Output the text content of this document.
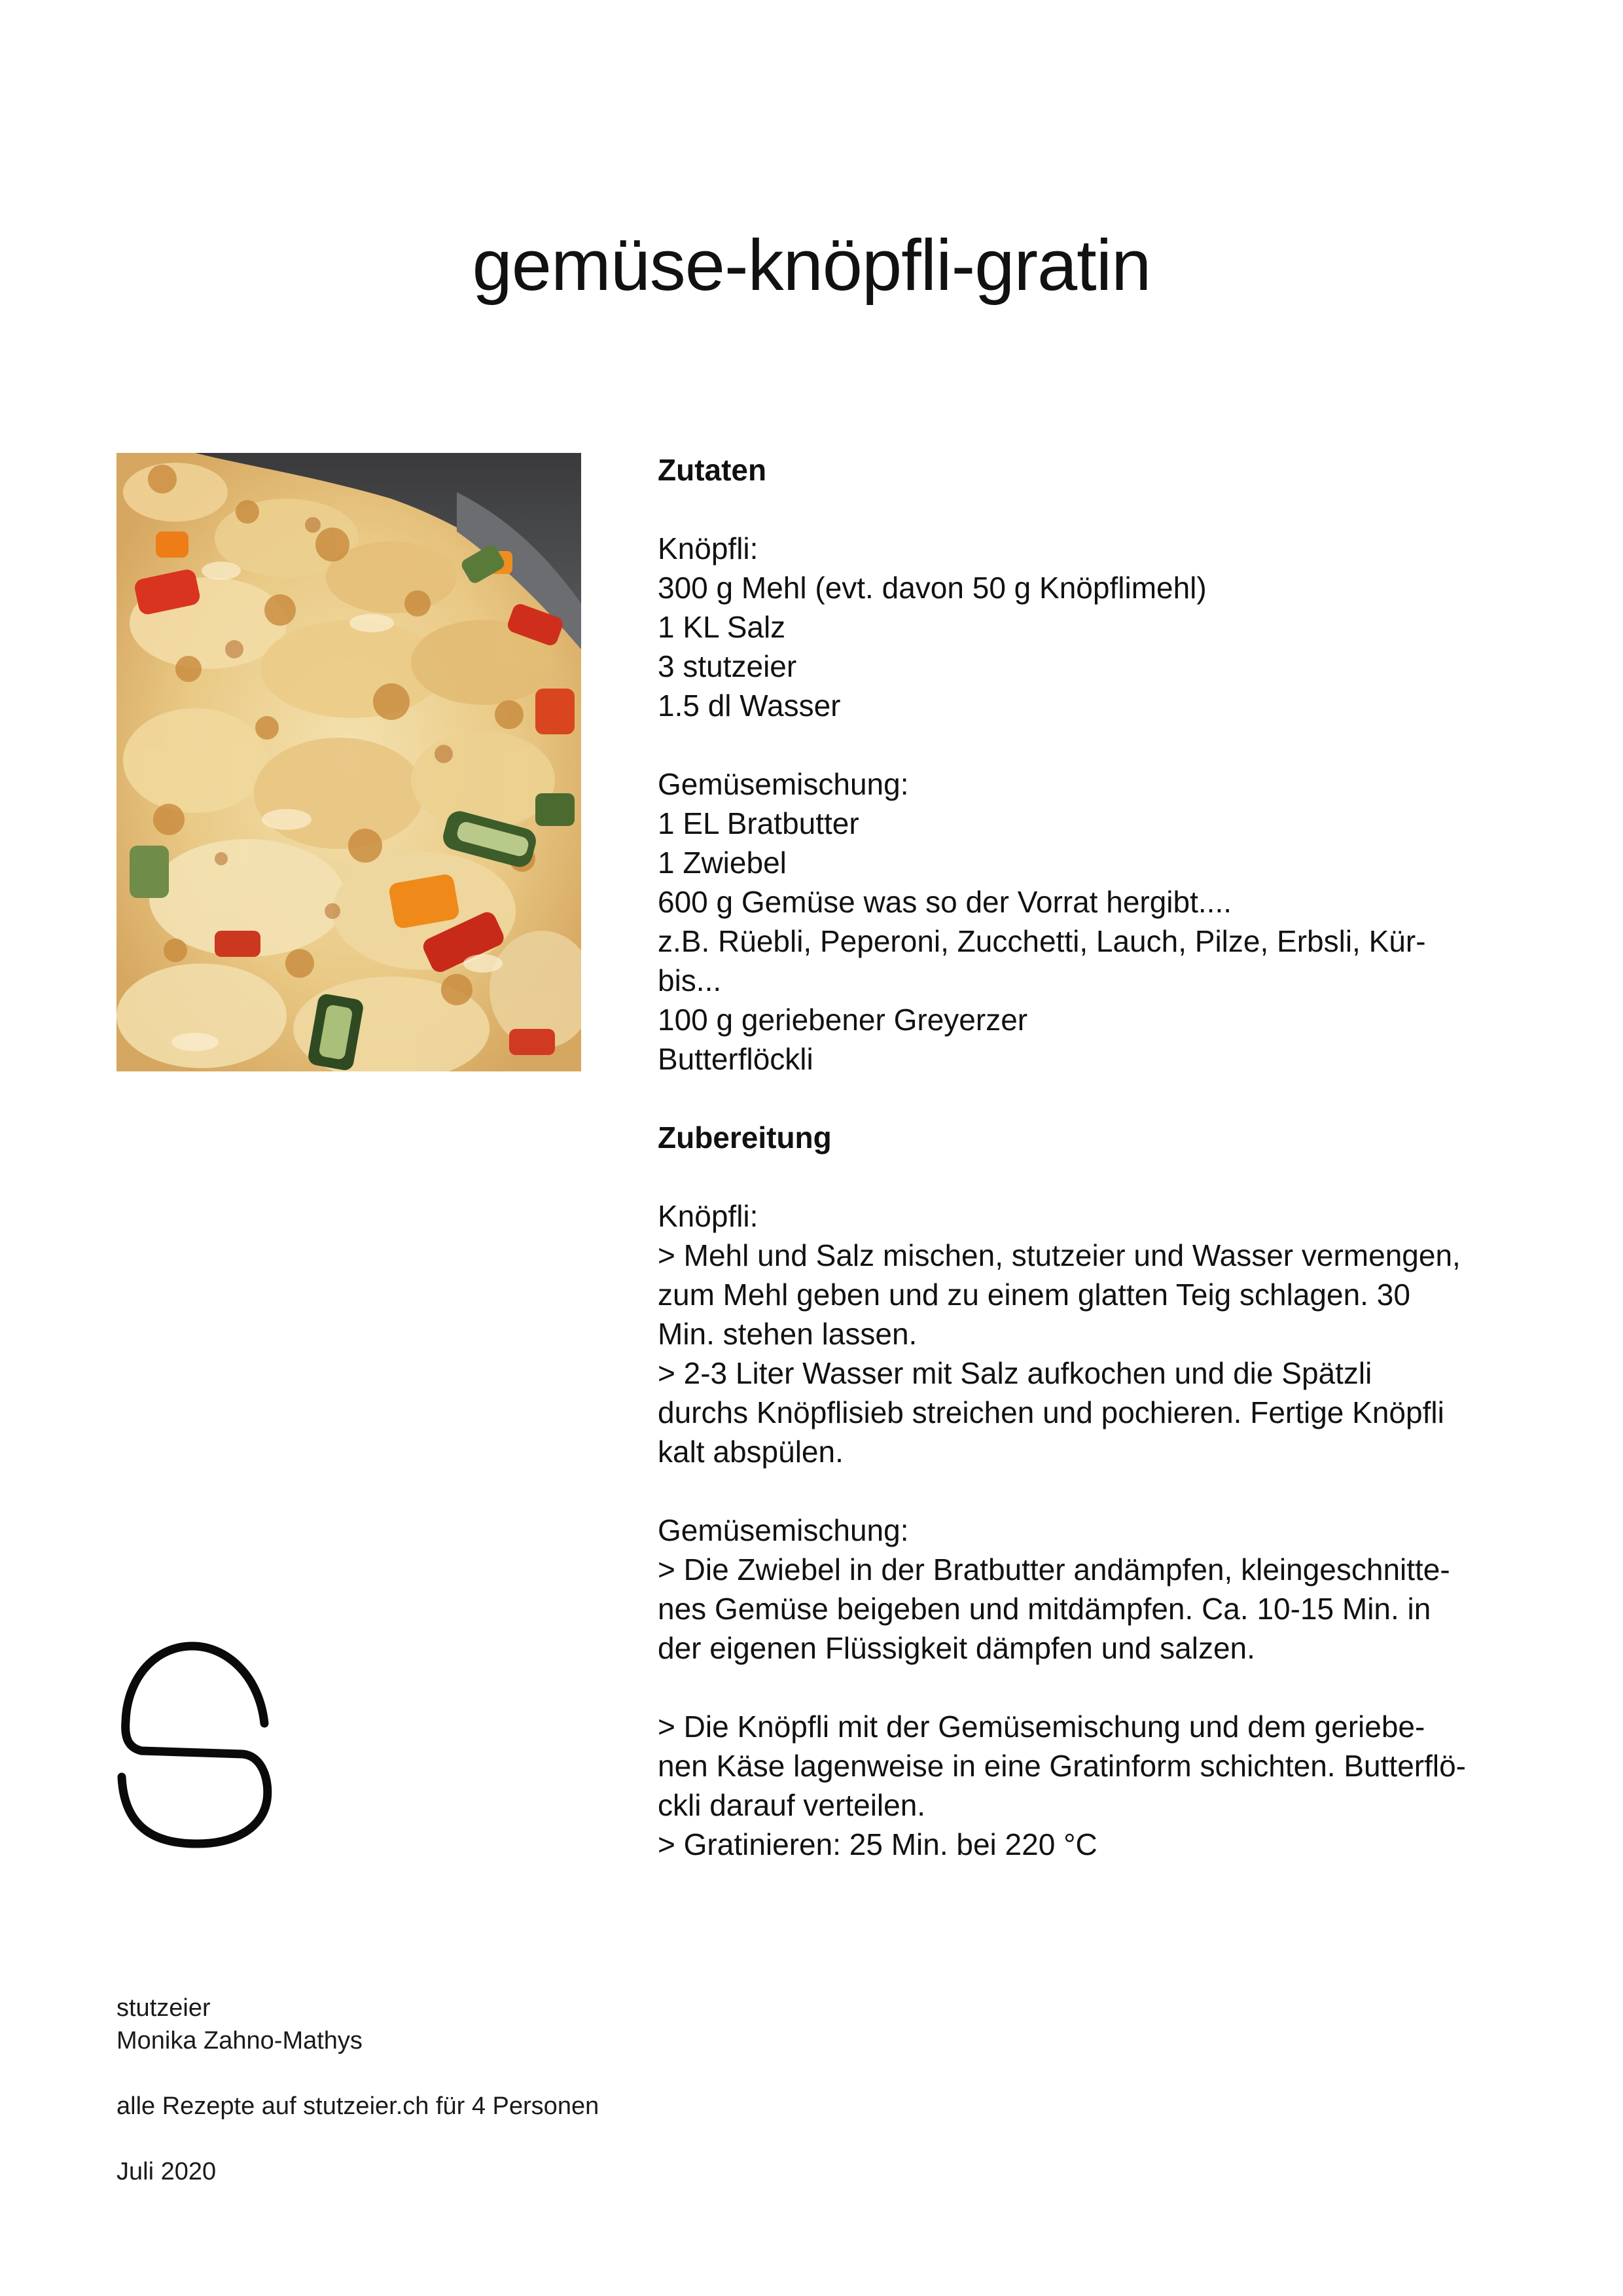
gemüse-knöpfli-gratin
Zutaten

Knöpfli:

300 g Mehl (evt. davon 50 g Knöpflimehl)

1 KL Salz

3 stutzeier

1.5 dl Wasser

Gemüsemischung:

1 EL Bratbutter

1 Zwiebel

600 g Gemüse was so der Vorrat hergibt....

z.B. Rüebli, Peperoni, Zucchetti, Lauch, Pilze, Erbsli, Kür-

bis...

100 g geriebener Greyerzer

Butterflöckli

Zubereitung

Knöpfli:

> Mehl und Salz mischen, stutzeier und Wasser vermengen,

zum Mehl geben und zu einem glatten Teig schlagen. 30

Min. stehen lassen.

> 2-3 Liter Wasser mit Salz aufkochen und die Spätzli

durchs Knöpflisieb streichen und pochieren. Fertige Knöpfli

kalt abspülen.

Gemüsemischung:

> Die Zwiebel in der Bratbutter andämpfen, kleingeschnitte-

nes Gemüse beigeben und mitdämpfen. Ca. 10-15 Min. in

der eigenen Flüssigkeit dämpfen und salzen.

> Die Knöpfli mit der Gemüsemischung und dem geriebe-

nen Käse lagenweise in eine Gratinform schichten. Butterflö-

ckli darauf verteilen.

> Gratinieren: 25 Min. bei 220 °C

stutzeier

Monika Zahno-Mathys

alle Rezepte auf stutzeier.ch für 4 Personen

Juli 2020
